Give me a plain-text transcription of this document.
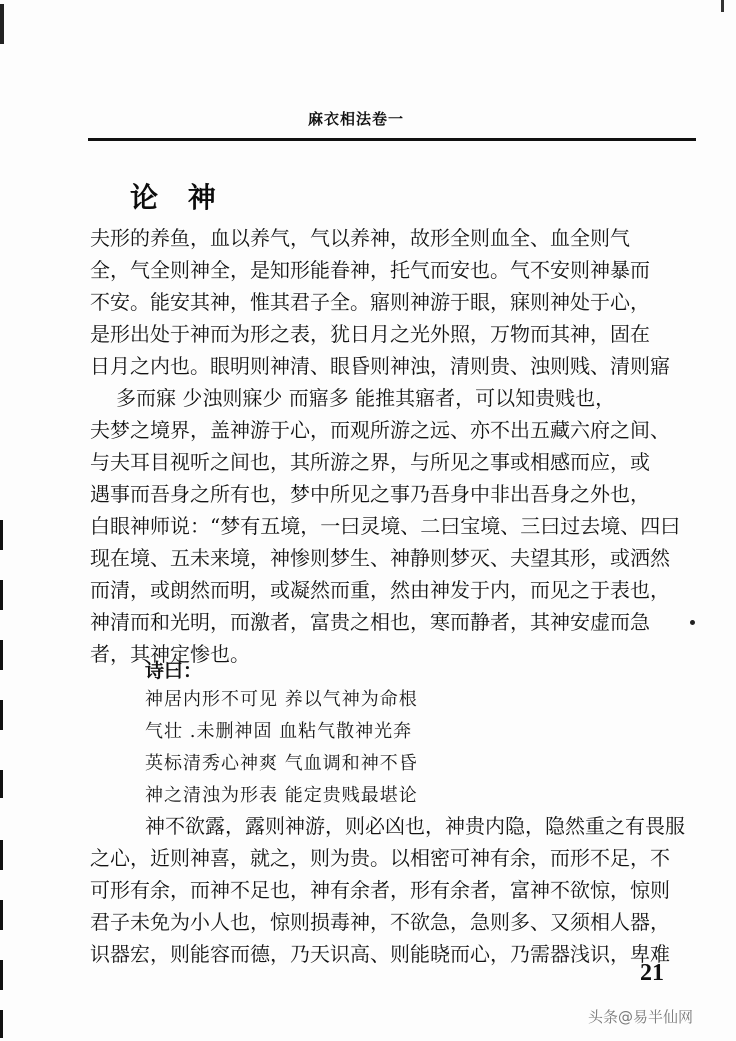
麻衣相法卷一
论 神
夫形的养鱼，血以养气，气以养神，故形全则血全、血全则气
全，气全则神全，是知形能眷神，托气而安也。气不安则神暴而
不安。能安其神，惟其君子全。寤则神游于眼，寐则神处于心，
是形出处于神而为形之表，犹日月之光外照，万物而其神，固在
日月之内也。眼明则神清、眼昏则神浊，清则贵、浊则贱、清则寤
多而寐 少浊则寐少 而寤多 能推其寤者，可以知贵贱也，
夫梦之境界，盖神游于心，而观所游之远、亦不出五藏六府之间、
与夫耳目视听之间也，其所游之界，与所见之事或相感而应，或
遇事而吾身之所有也，梦中所见之事乃吾身中非出吾身之外也，
白眼神师说：“梦有五境，一曰灵境、二曰宝境、三曰过去境、四曰
现在境、五未来境，神惨则梦生、神静则梦灭、夫望其形，或洒然
而清，或朗然而明，或凝然而重，然由神发于内，而见之于表也，
神清而和光明，而激者，富贵之相也，寒而静者，其神安虚而急
者，其神定惨也。
诗曰：
神居内形不可见 养以气神为命根
气壮 .未删神固 血粘气散神光奔
英标清秀心神爽 气血调和神不昏
神之清浊为形表 能定贵贱最堪论
神不欲露，露则神游，则必凶也，神贵内隐，隐然重之有畏服
之心，近则神喜，就之，则为贵。以相密可神有余，而形不足，不
可形有余，而神不足也，神有余者，形有余者，富神不欲惊，惊则
君子未免为小人也，惊则损毒神，不欲急，急则多、又须相人器，
识器宏，则能容而德，乃天识高、则能晓而心，乃需器浅识，卑难
21
头条@易半仙网
